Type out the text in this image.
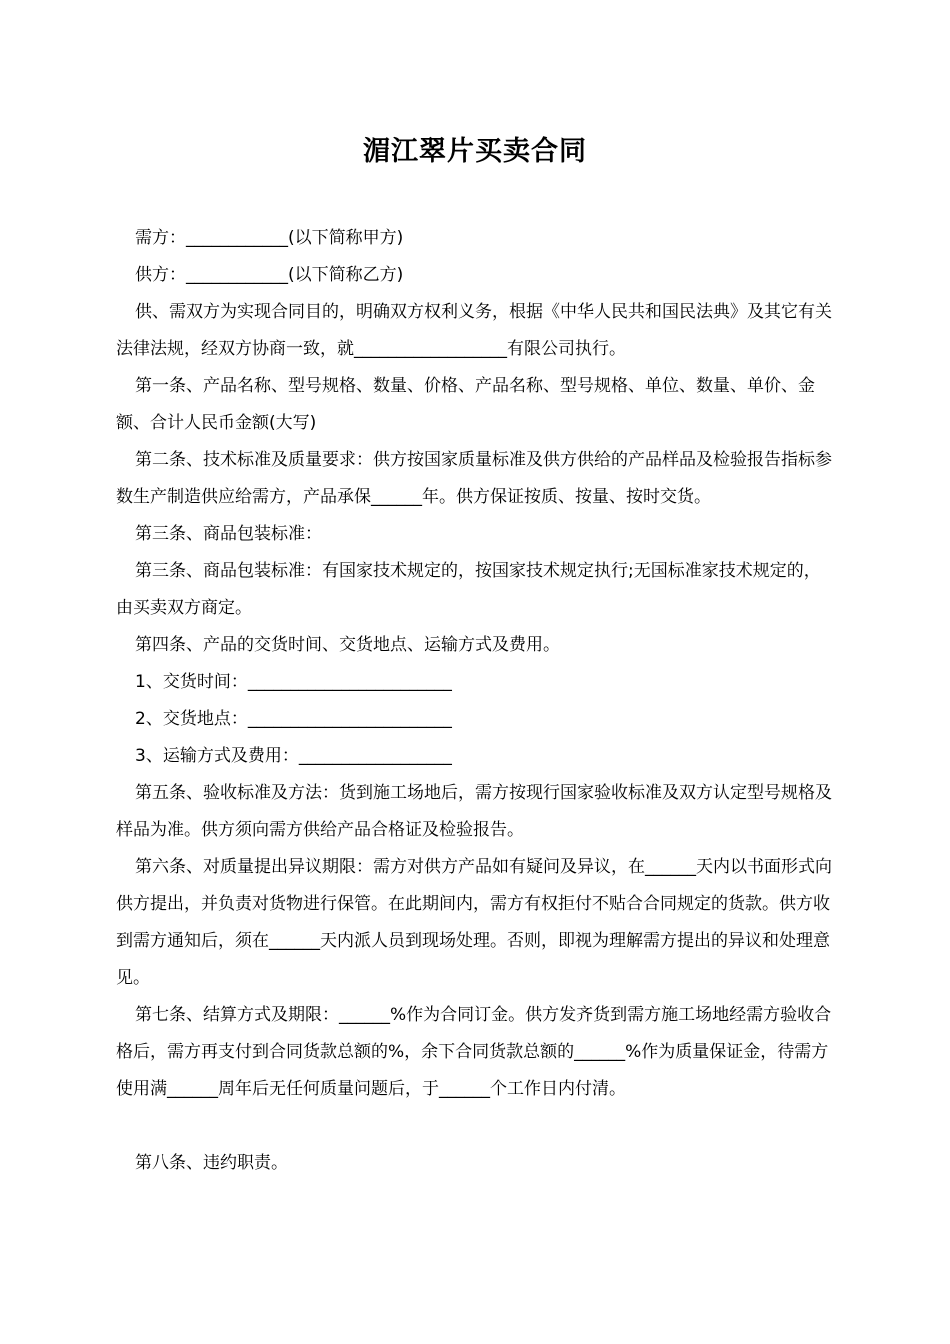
湄江翠片买卖合同

需方：____________(以下简称甲方)

供方：____________(以下简称乙方)

供、需双方为实现合同目的，明确双方权利义务，根据《中华人民共和国民法典》及其它有关法律法规，经双方协商一致，就__________________有限公司执行。

第一条、产品名称、型号规格、数量、价格、产品名称、型号规格、单位、数量、单价、金额、合计人民币金额(大写)

第二条、技术标准及质量要求：供方按国家质量标准及供方供给的产品样品及检验报告指标参数生产制造供应给需方，产品承保______年。供方保证按质、按量、按时交货。

第三条、商品包装标准：

第三条、商品包装标准：有国家技术规定的，按国家技术规定执行;无国标准家技术规定的，由买卖双方商定。

第四条、产品的交货时间、交货地点、运输方式及费用。

1、交货时间：________________________

2、交货地点：________________________

3、运输方式及费用：__________________

第五条、验收标准及方法：货到施工场地后，需方按现行国家验收标准及双方认定型号规格及样品为准。供方须向需方供给产品合格证及检验报告。

第六条、对质量提出异议期限：需方对供方产品如有疑问及异议，在______天内以书面形式向供方提出，并负责对货物进行保管。在此期间内，需方有权拒付不贴合合同规定的货款。供方收到需方通知后，须在______天内派人员到现场处理。否则，即视为理解需方提出的异议和处理意见。

第七条、结算方式及期限：______%作为合同订金。供方发齐货到需方施工场地经需方验收合格后，需方再支付到合同货款总额的%，余下合同货款总额的______%作为质量保证金，待需方使用满______周年后无任何质量问题后，于______个工作日内付清。

第八条、违约职责。
